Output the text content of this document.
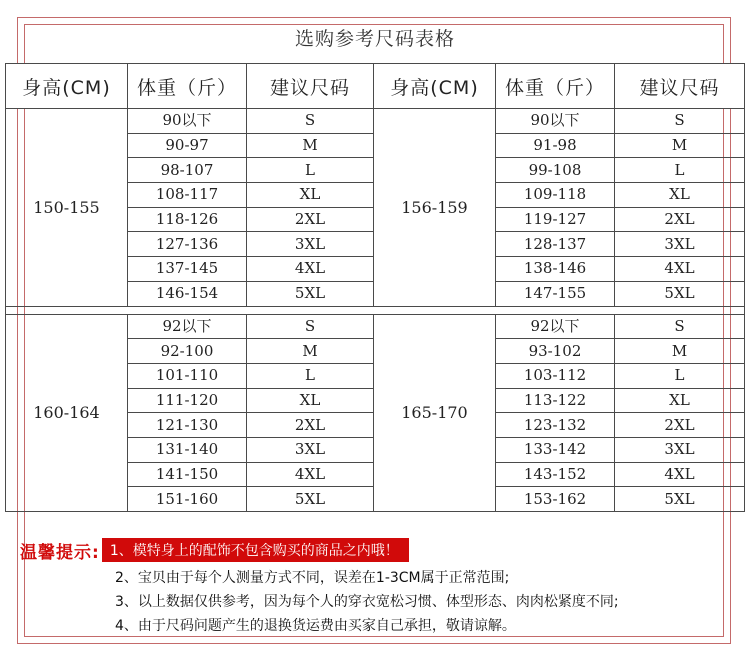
选购参考尺码表格
身高(CM)	体重（斤）	建议尺码	身高(CM)	体重（斤）	建议尺码
150-155	90以下	S	156-159	90以下	S
	90-97	M		91-98	M
	98-107	L		99-108	L
	108-117	XL		109-118	XL
	118-126	2XL		119-127	2XL
	127-136	3XL		128-137	3XL
	137-145	4XL		138-146	4XL
	146-154	5XL		147-155	5XL

160-164	92以下	S	165-170	92以下	S
	92-100	M		93-102	M
	101-110	L		103-112	L
	111-120	XL		113-122	XL
	121-130	2XL		123-132	2XL
	131-140	3XL		133-142	3XL
	141-150	4XL		143-152	4XL
	151-160	5XL		153-162	5XL
温馨提示: 1、模特身上的配饰不包含购买的商品之内哦！
2、宝贝由于每个人测量方式不同，误差在1-3CM属于正常范围;
3、以上数据仅供参考，因为每个人的穿衣宽松习惯、体型形态、肉肉松紧度不同;
4、由于尺码问题产生的退换货运费由买家自己承担，敬请谅解。
